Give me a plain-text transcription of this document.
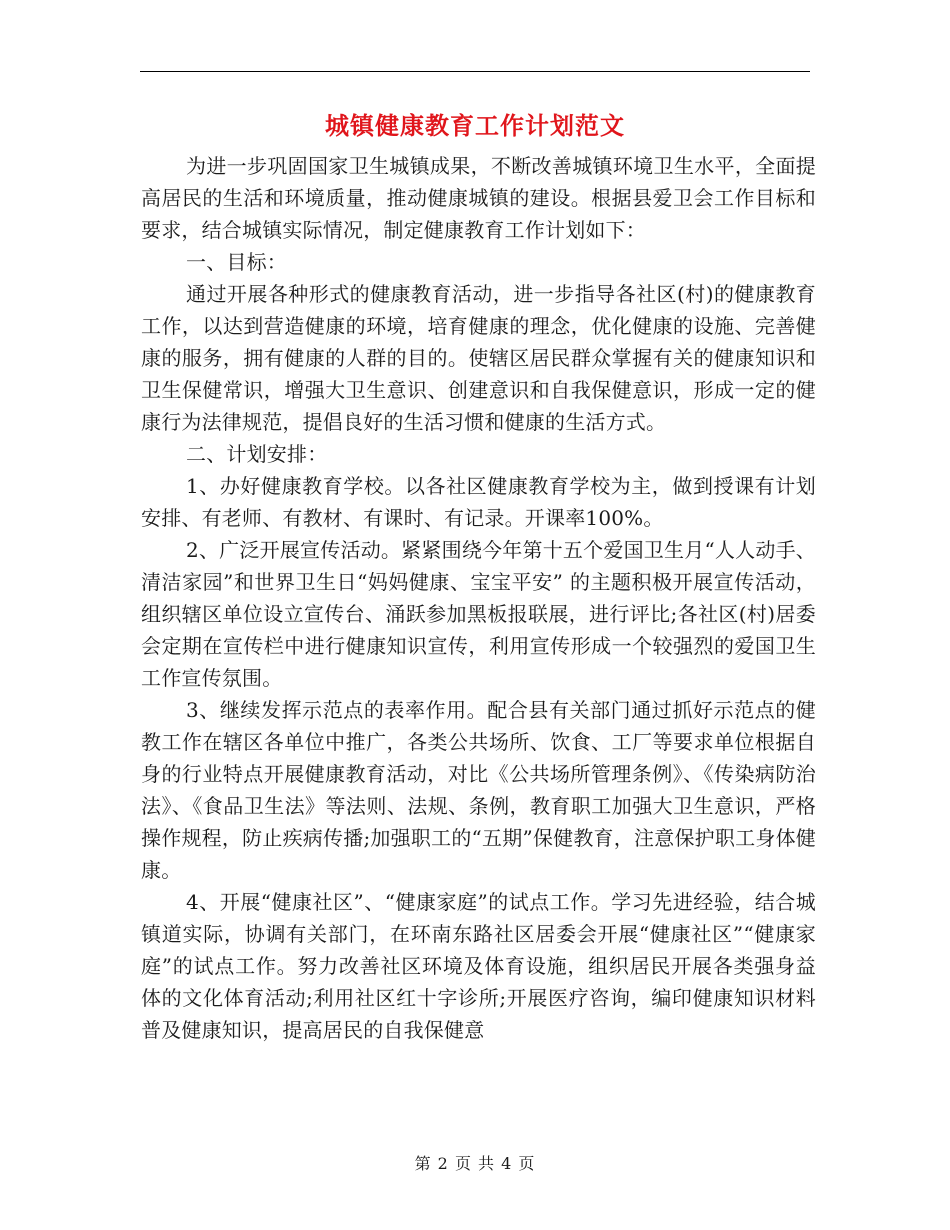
城镇健康教育工作计划范文

为进一步巩固国家卫生城镇成果，不断改善城镇环境卫生水平，全面提高居民的生活和环境质量，推动健康城镇的建设。根据县爱卫会工作目标和要求，结合城镇实际情况，制定健康教育工作计划如下：

一、目标：

通过开展各种形式的健康教育活动，进一步指导各社区(村)的健康教育工作，以达到营造健康的环境，培育健康的理念，优化健康的设施、完善健康的服务，拥有健康的人群的目的。使辖区居民群众掌握有关的健康知识和卫生保健常识，增强大卫生意识、创建意识和自我保健意识，形成一定的健康行为法律规范，提倡良好的生活习惯和健康的生活方式。

二、计划安排：

1、办好健康教育学校。以各社区健康教育学校为主，做到授课有计划安排、有老师、有教材、有课时、有记录。开课率100%。

2、广泛开展宣传活动。紧紧围绕今年第十五个爱国卫生月“人人动手、清洁家园”和世界卫生日“妈妈健康、宝宝平安” 的主题积极开展宣传活动，组织辖区单位设立宣传台、涌跃参加黑板报联展，进行评比;各社区(村)居委会定期在宣传栏中进行健康知识宣传，利用宣传形成一个较强烈的爱国卫生工作宣传氛围。

3、继续发挥示范点的表率作用。配合县有关部门通过抓好示范点的健教工作在辖区各单位中推广，各类公共场所、饮食、工厂等要求单位根据自身的行业特点开展健康教育活动，对比《公共场所管理条例》、《传染病防治法》、《食品卫生法》等法则、法规、条例，教育职工加强大卫生意识，严格操作规程，防止疾病传播;加强职工的“五期”保健教育，注意保护职工身体健康。

4、开展“健康社区”、“健康家庭”的试点工作。学习先进经验，结合城镇道实际，协调有关部门，在环南东路社区居委会开展“健康社区”“健康家庭”的试点工作。努力改善社区环境及体育设施，组织居民开展各类强身益体的文化体育活动;利用社区红十字诊所;开展医疗咨询，编印健康知识材料普及健康知识，提高居民的自我保健意

第 2 页 共 4 页
